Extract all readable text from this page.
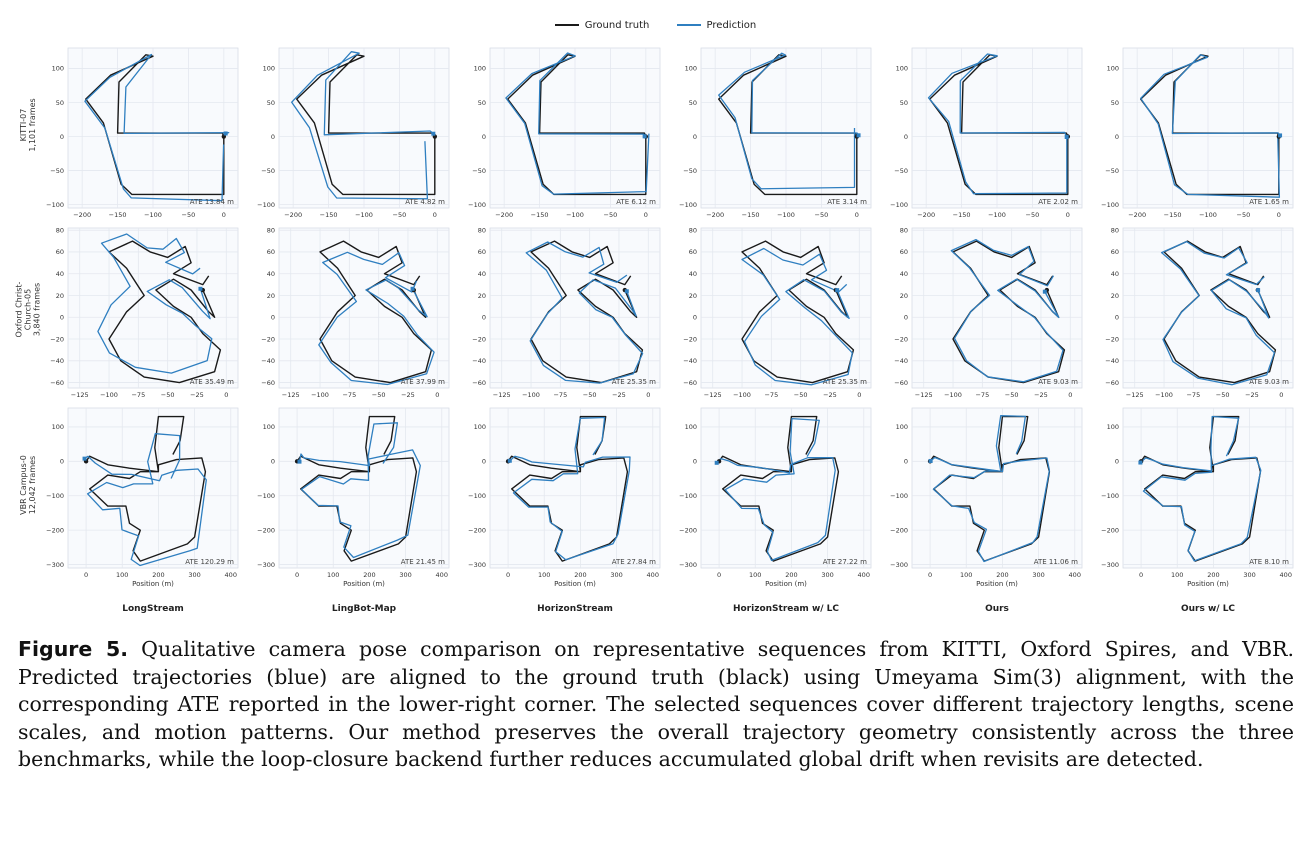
Ground truth
	Prediction
KITTI-07 1,101 frames
−200	−150	−100	−50	0
100
50
0
−50
−100	ATE 13.84 m
−200	−150	−100	−50	0
100
50
0
−50
−100	ATE 4.82 m
−200	−150	−100	−50	0
100
50
0
−50
−100	ATE 6.12 m
−200	−150	−100	−50	0
100
50
0
−50
−100	ATE 3.14 m
−200	−150	−100	−50	0
100
50
0
−50
−100	ATE 2.02 m
−200	−150	−100	−50	0
100
50
0
−50
−100	ATE 1.65 m
Oxford Christ-Church-05 3,840 frames
−125 −100 −75 −50 −25	0
80
60
40
20
0
−20
−40
−60	ATE 35.49 m
−125 −100 −75 −50 −25	0
80
60
40
20
0
−20
−40
−60	ATE 37.99 m
−125 −100 −75 −50 −25	0
80
60
40
20
0
−20
−40
−60	ATE 25.35 m
−125 −100 −75 −50 −25	0
80
60
40
20
0
−20
−40
−60	ATE 25.35 m
−125 −100 −75 −50 −25	0
80
60
40
20
0
−20
−40
−60	ATE 9.03 m
−125 −100 −75 −50 −25	0
80
60
40
20
0
−20
−40
−60	ATE 9.03 m
VBR Campus-0 12,042 frames
0	100	200	300	400
100
0
−100
−200
−300	ATE 120.29 m
Position (m)
0	100	200	300	400
100
0
−100
−200
−300	ATE 21.45 m
Position (m)
0	100	200	300	400
100
0
−100
−200
−300	ATE 27.84 m
Position (m)
0	100	200	300	400
100
0
−100
−200
−300	ATE 27.22 m
Position (m)
0	100	200	300	400
100
0
−100
−200
−300	ATE 11.06 m
Position (m)
0	100	200	300	400
100
0
−100
−200
−300	ATE 8.10 m
Position (m)
LongStream	LingBot-Map	HorizonStream	HorizonStream w/ LC	Ours	Ours w/ LC
Figure 5. Qualitative camera pose comparison on representative sequences from KITTI, Oxford Spires, and VBR. Predicted trajectories (blue) are aligned to the ground truth (black) using Umeyama Sim(3) alignment, with the corresponding ATE reported in the lower-right corner. The selected sequences cover different trajectory lengths, scene scales, and motion patterns. Our method preserves the overall trajectory geometry consistently across the three benchmarks, while the loop-closure backend further reduces accumulated global drift when revisits are detected.
